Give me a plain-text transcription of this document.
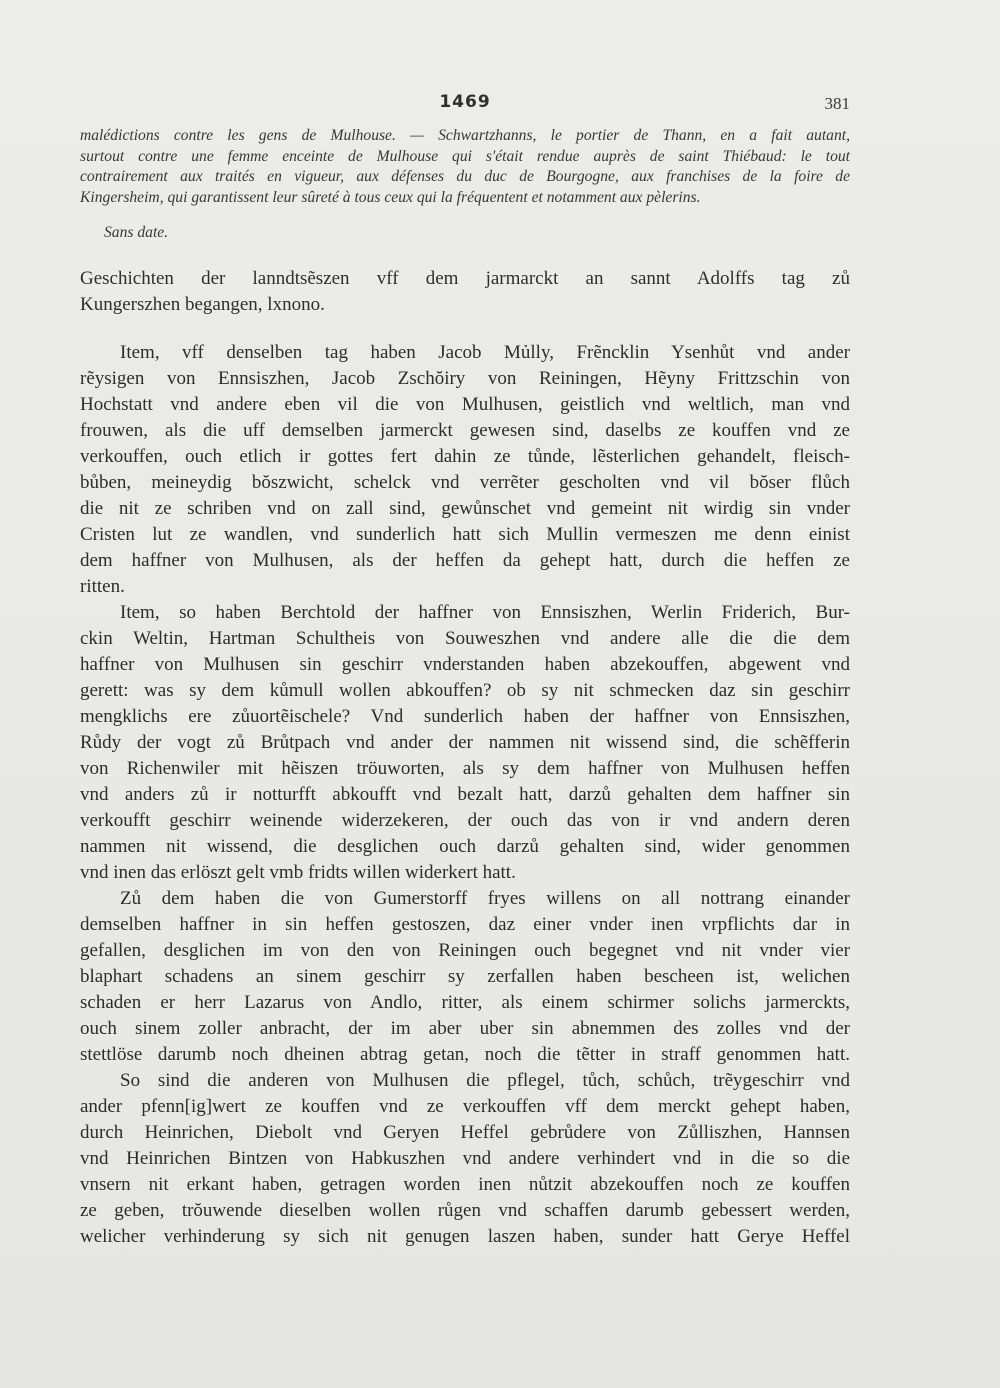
1469	381
malédictions contre les gens de Mulhouse. — Schwartzhanns, le portier de Thann, en a fait autant,
surtout contre une femme enceinte de Mulhouse qui s'était rendue auprès de saint Thiébaud: le tout
contrairement aux traités en vigueur, aux défenses du duc de Bourgogne, aux franchises de la foire de
Kingersheim, qui garantissent leur sûreté à tous ceux qui la fréquentent et notamment aux pèlerins.
Sans date.
Geschichten der lanndtsẽszen vff dem jarmarckt an sannt Adolffs tag zů
Kungerszhen begangen, lxnono.
Item, vff denselben tag haben Jacob Mủlly, Frẽncklin Ysenhůt vnd ander
rẽysigen von Ennsiszhen, Jacob Zschŏiry von Reiningen, Hẽyny Frittzschin von
Hochstatt vnd andere eben vil die von Mulhusen, geistlich vnd weltlich, man vnd
frouwen, als die uff demselben jarmerckt gewesen sind, daselbs ze kouffen vnd ze
verkouffen, ouch etlich ir gottes fert dahin ze tůnde, lẽsterlichen gehandelt, fleisch-
bůben, meineydig bŏszwicht, schelck vnd verrẽter gescholten vnd vil bŏser flůch
die nit ze schriben vnd on zall sind, gewůnschet vnd gemeint nit wirdig sin vnder
Cristen lut ze wandlen, vnd sunderlich hatt sich Mullin vermeszen me denn einist
dem haffner von Mulhusen, als der heffen da gehept hatt, durch die heffen ze
ritten.
Item, so haben Berchtold der haffner von Ennsiszhen, Werlin Friderich, Bur-
ckin Weltin, Hartman Schultheis von Souweszhen vnd andere alle die die dem
haffner von Mulhusen sin geschirr vnderstanden haben abzekouffen, abgewent vnd
gerett: was sy dem kůmull wollen abkouffen? ob sy nit schmecken daz sin geschirr
mengklichs ere zůuortẽischele? Vnd sunderlich haben der haffner von Ennsiszhen,
Růdy der vogt zů Brůtpach vnd ander der nammen nit wissend sind, die schẽfferin
von Richenwiler mit hẽiszen tröuworten, als sy dem haffner von Mulhusen heffen
vnd anders zů ir notturfft abkoufft vnd bezalt hatt, darzů gehalten dem haffner sin
verkoufft geschirr weinende widerzekeren, der ouch das von ir vnd andern deren
nammen nit wissend, die desglichen ouch darzů gehalten sind, wider genommen
vnd inen das erlöszt gelt vmb fridts willen widerkert hatt.
Zů dem haben die von Gumerstorff fryes willens on all nottrang einander
demselben haffner in sin heffen gestoszen, daz einer vnder inen vrpflichts dar in
gefallen, desglichen im von den von Reiningen ouch begegnet vnd nit vnder vier
blaphart schadens an sinem geschirr sy zerfallen haben bescheen ist, welichen
schaden er herr Lazarus von Andlo, ritter, als einem schirmer solichs jarmerckts,
ouch sinem zoller anbracht, der im aber uber sin abnemmen des zolles vnd der
stettlöse darumb noch dheinen abtrag getan, noch die tẽtter in straff genommen hatt.
So sind die anderen von Mulhusen die pflegel, tůch, schůch, trẽygeschirr vnd
ander pfenn[ig]wert ze kouffen vnd ze verkouffen vff dem merckt gehept haben,
durch Heinrichen, Diebolt vnd Geryen Heffel gebrůdere von Zůlliszhen, Hannsen
vnd Heinrichen Bintzen von Habkuszhen vnd andere verhindert vnd in die so die
vnsern nit erkant haben, getragen worden inen nůtzit abzekouffen noch ze kouffen
ze geben, trŏuwende dieselben wollen růgen vnd schaffen darumb gebessert werden,
welicher verhinderung sy sich nit genugen laszen haben, sunder hatt Gerye Heffel
